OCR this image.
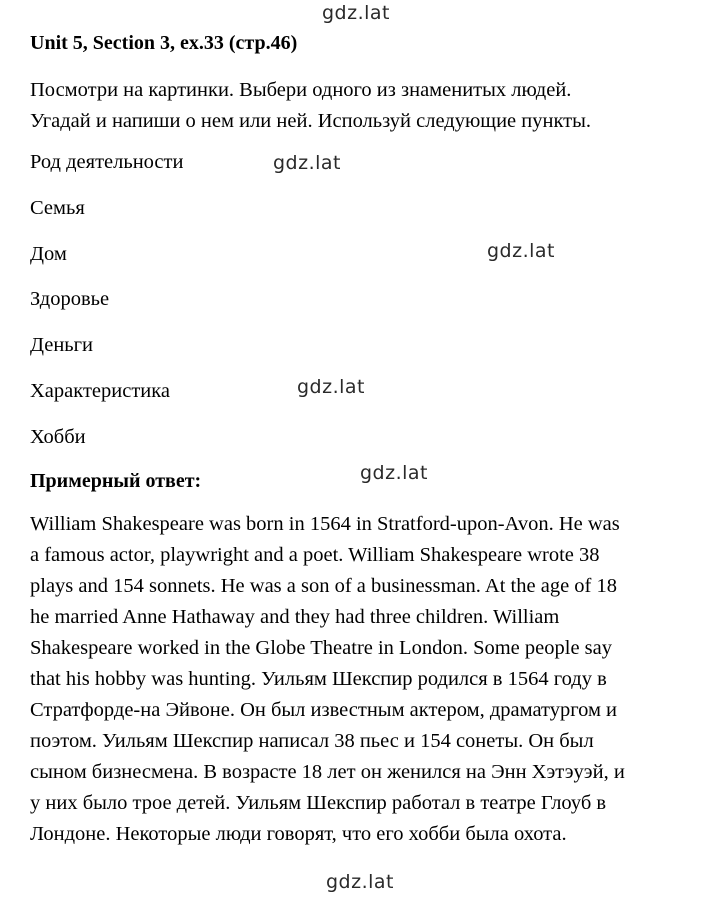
gdz.lat
gdz.lat
gdz.lat
gdz.lat
gdz.lat
gdz.lat
Unit 5, Section 3, ex.33 (стр.46)
Посмотри на картинки. Выбери одного из знаменитых людей.
Угадай и напиши о нем или ней. Используй следующие пункты.
Род деятельности
Семья
Дом
Здоровье
Деньги
Характеристика
Хобби
Примерный ответ:
William Shakespeare was born in 1564 in Stratford-upon-Avon. He was
a famous actor, playwright and a poet. William Shakespeare wrote 38
plays and 154 sonnets. He was a son of a businessman. At the age of 18
he married Anne Hathaway and they had three children. William
Shakespeare worked in the Globe Theatre in London. Some people say
that his hobby was hunting. Уильям Шекспир родился в 1564 году в
Стратфорде-на Эйвоне. Он был известным актером, драматургом и
поэтом. Уильям Шекспир написал 38 пьес и 154 сонеты. Он был
сыном бизнесмена. В возрасте 18 лет он женился на Энн Хэтэуэй, и
у них было трое детей. Уильям Шекспир работал в театре Глоуб в
Лондоне. Некоторые люди говорят, что его хобби была охота.
